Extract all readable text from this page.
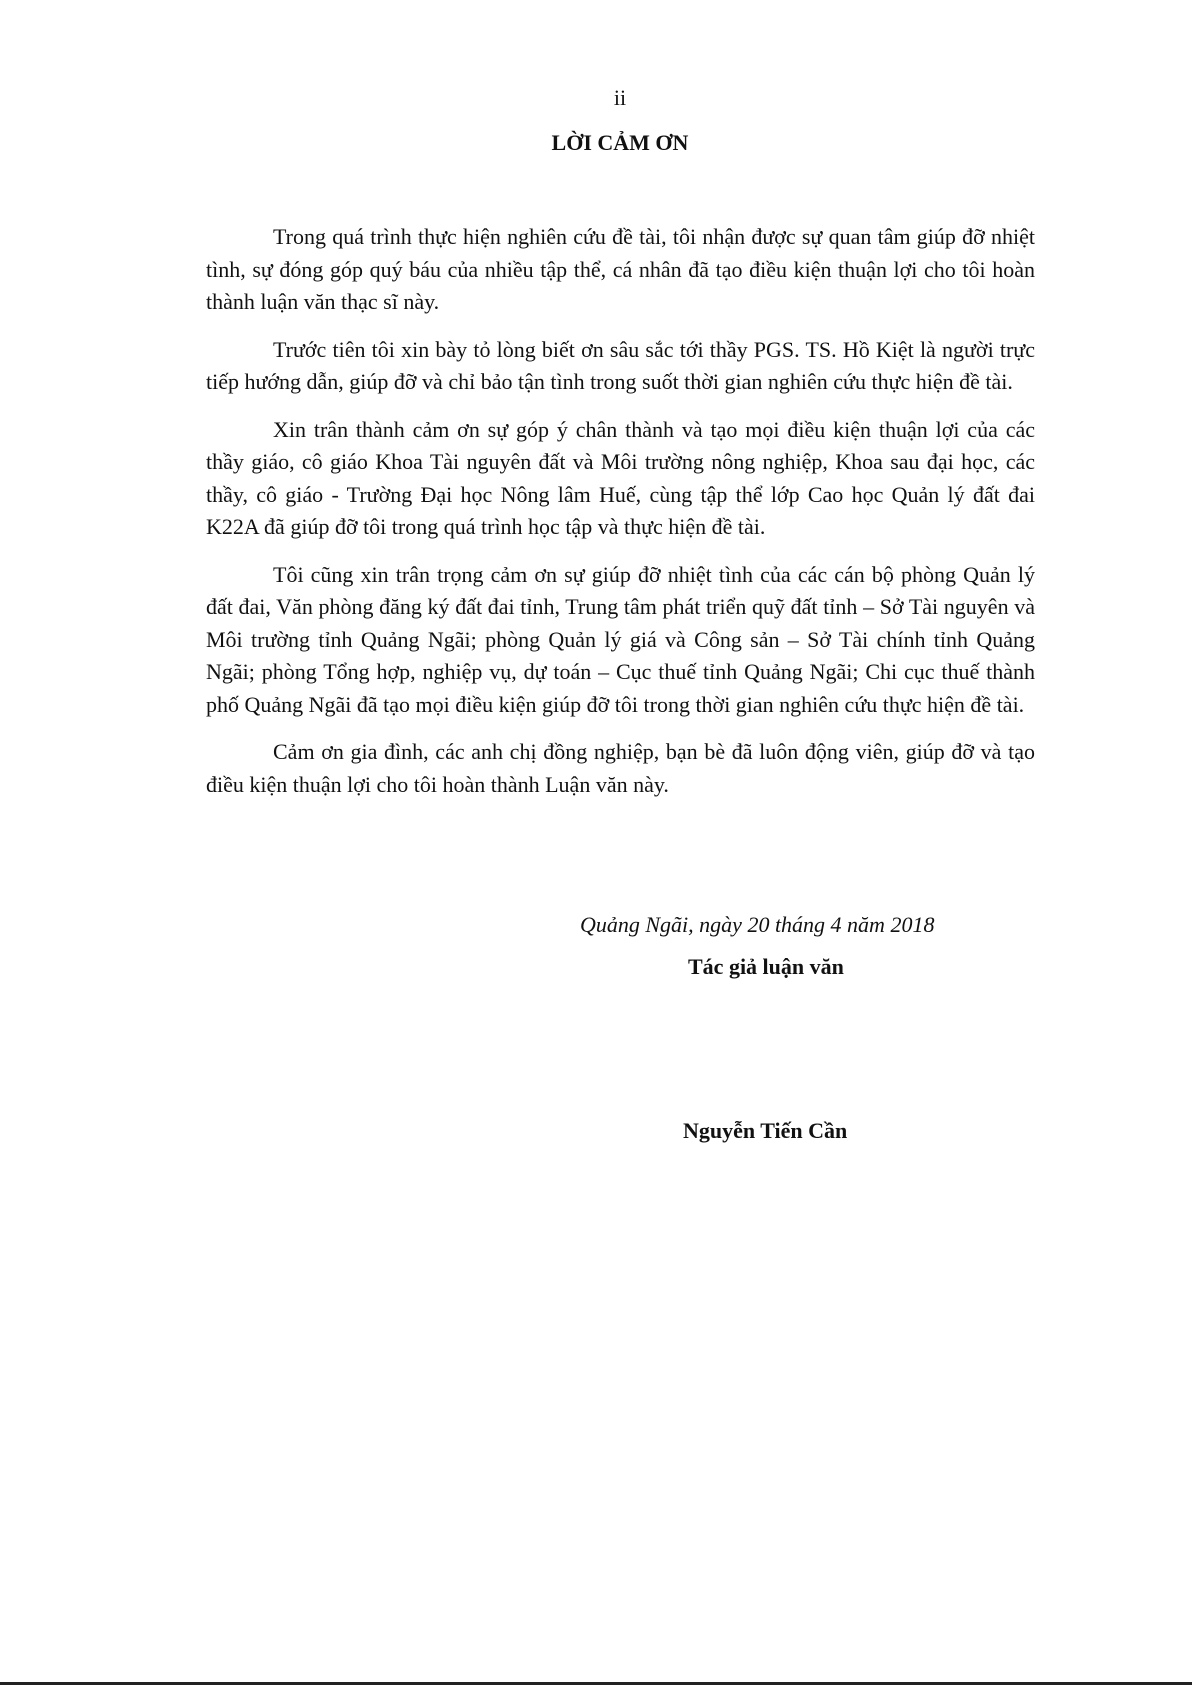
ii
LỜI CẢM ƠN

Trong quá trình thực hiện nghiên cứu đề tài, tôi nhận được sự quan tâm giúp đỡ nhiệt tình, sự đóng góp quý báu của nhiều tập thể, cá nhân đã tạo điều kiện thuận lợi cho tôi hoàn thành luận văn thạc sĩ này.

Trước tiên tôi xin bày tỏ lòng biết ơn sâu sắc tới thầy PGS. TS. Hồ Kiệt là người trực tiếp hướng dẫn, giúp đỡ và chỉ bảo tận tình trong suốt thời gian nghiên cứu thực hiện đề tài.

Xin trân thành cảm ơn sự góp ý chân thành và tạo mọi điều kiện thuận lợi của các thầy giáo, cô giáo Khoa Tài nguyên đất và Môi trường nông nghiệp, Khoa sau đại học, các thầy, cô giáo - Trường Đại học Nông lâm Huế, cùng tập thể lớp Cao học Quản lý đất đai K22A đã giúp đỡ tôi trong quá trình học tập và thực hiện đề tài.

Tôi cũng xin trân trọng cảm ơn sự giúp đỡ nhiệt tình của các cán bộ phòng Quản lý đất đai, Văn phòng đăng ký đất đai tỉnh, Trung tâm phát triển quỹ đất tỉnh – Sở Tài nguyên và Môi trường tỉnh Quảng Ngãi; phòng Quản lý giá và Công sản – Sở Tài chính tỉnh Quảng Ngãi; phòng Tổng hợp, nghiệp vụ, dự toán – Cục thuế tỉnh Quảng Ngãi; Chi cục thuế thành phố Quảng Ngãi đã tạo mọi điều kiện giúp đỡ tôi trong thời gian nghiên cứu thực hiện đề tài.

Cảm ơn gia đình, các anh chị đồng nghiệp, bạn bè đã luôn động viên, giúp đỡ và tạo điều kiện thuận lợi cho tôi hoàn thành Luận văn này.

Quảng Ngãi, ngày 20 tháng 4 năm 2018
Tác giả luận văn
Nguyễn Tiến Cần
